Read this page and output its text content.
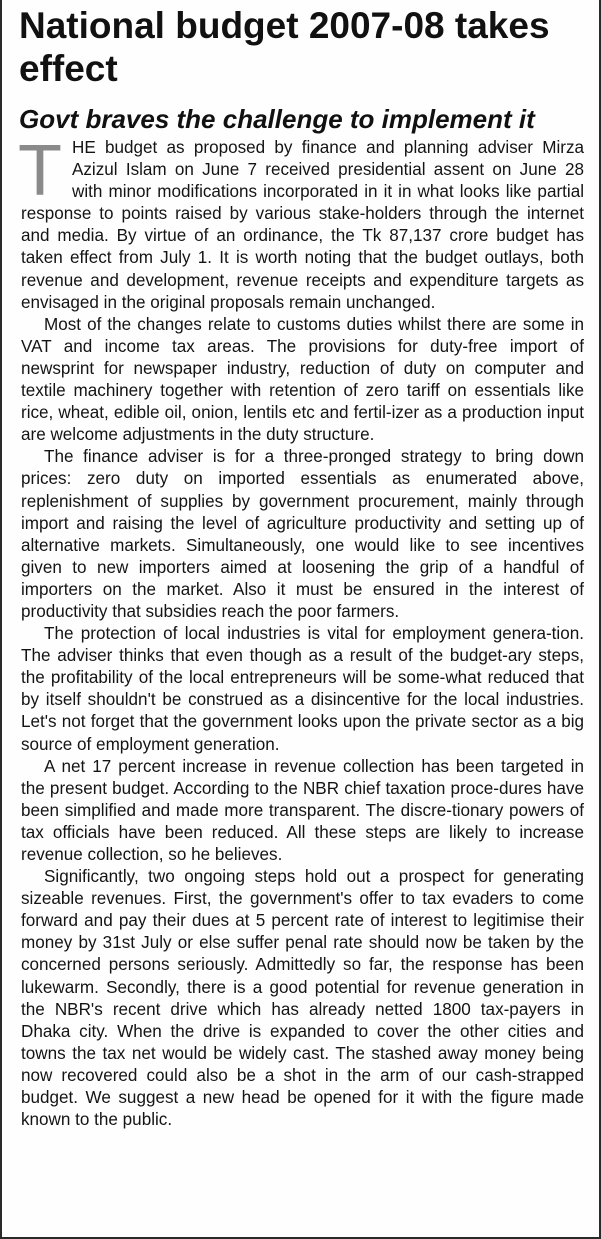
National budget 2007-08 takes effect
Govt braves the challenge to implement it

THE budget as proposed by finance and planning adviser Mirza Azizul Islam on June 7 received presidential assent on June 28 with minor modifications incorporated in it in what looks like partial response to points raised by various stake-holders through the internet and media. By virtue of an ordinance, the Tk 87,137 crore budget has taken effect from July 1. It is worth noting that the budget outlays, both revenue and development, revenue receipts and expenditure targets as envisaged in the original proposals remain unchanged.

Most of the changes relate to customs duties whilst there are some in VAT and income tax areas. The provisions for duty-free import of newsprint for newspaper industry, reduction of duty on computer and textile machinery together with retention of zero tariff on essentials like rice, wheat, edible oil, onion, lentils etc and fertil-izer as a production input are welcome adjustments in the duty structure.

The finance adviser is for a three-pronged strategy to bring down prices: zero duty on imported essentials as enumerated above, replenishment of supplies by government procurement, mainly through import and raising the level of agriculture productivity and setting up of alternative markets. Simultaneously, one would like to see incentives given to new importers aimed at loosening the grip of a handful of importers on the market. Also it must be ensured in the interest of productivity that subsidies reach the poor farmers.

The protection of local industries is vital for employment genera-tion. The adviser thinks that even though as a result of the budget-ary steps, the profitability of the local entrepreneurs will be some-what reduced that by itself shouldn't be construed as a disincentive for the local industries. Let's not forget that the government looks upon the private sector as a big source of employment generation.

A net 17 percent increase in revenue collection has been targeted in the present budget. According to the NBR chief taxation proce-dures have been simplified and made more transparent. The discre-tionary powers of tax officials have been reduced. All these steps are likely to increase revenue collection, so he believes.

Significantly, two ongoing steps hold out a prospect for generating sizeable revenues. First, the government's offer to tax evaders to come forward and pay their dues at 5 percent rate of interest to legitimise their money by 31st July or else suffer penal rate should now be taken by the concerned persons seriously. Admittedly so far, the response has been lukewarm. Secondly, there is a good potential for revenue generation in the NBR's recent drive which has already netted 1800 tax-payers in Dhaka city. When the drive is expanded to cover the other cities and towns the tax net would be widely cast. The stashed away money being now recovered could also be a shot in the arm of our cash-strapped budget. We suggest a new head be opened for it with the figure made known to the public.
